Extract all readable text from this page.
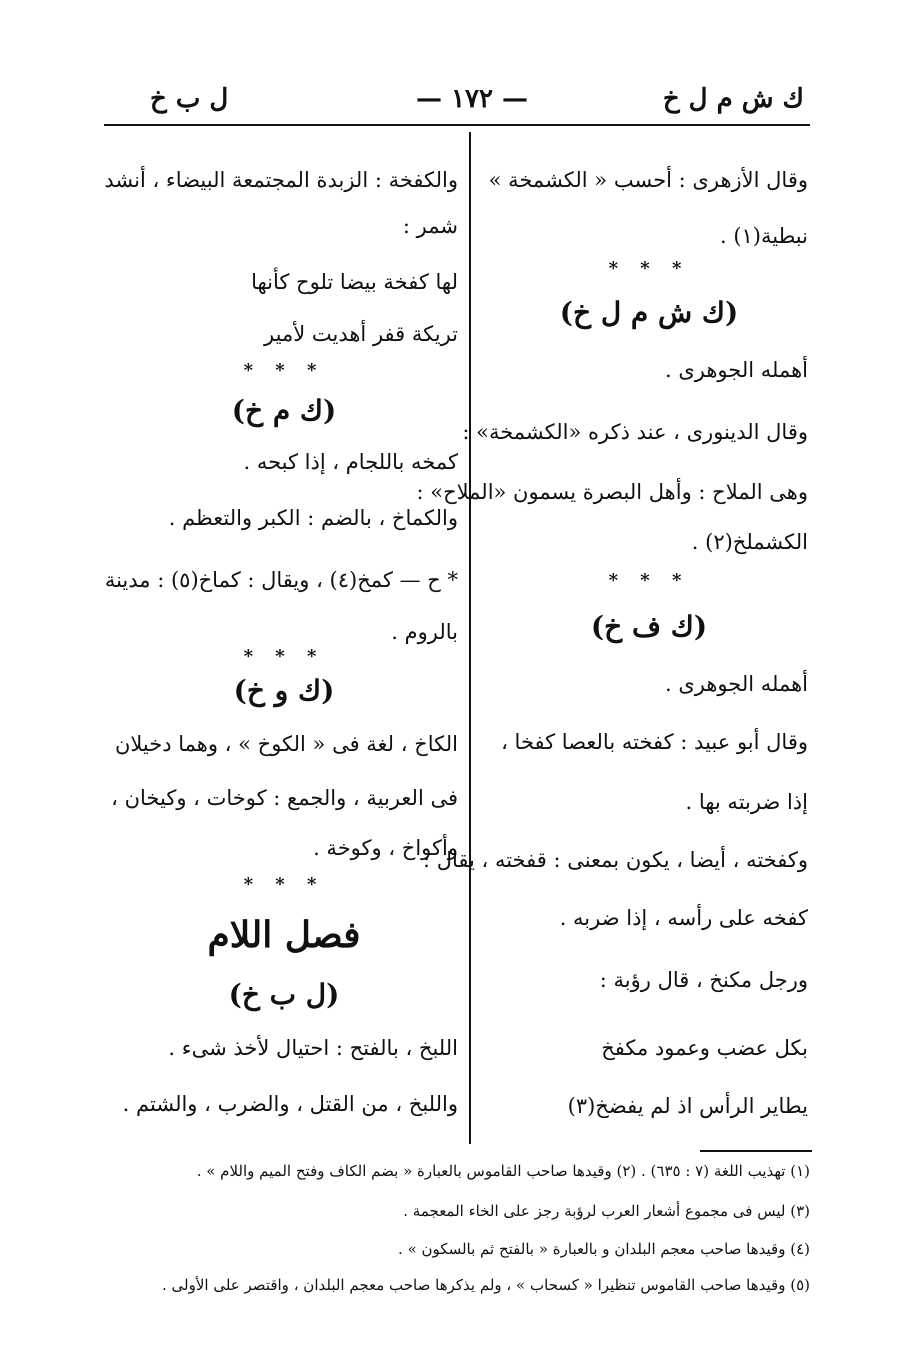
ك ش م ل خ
— ١٧٢ —
ل ب خ
وقال الأزهرى : أحسب « الكشمخة »
نبطية(١) .
* * *
(ك ش م ل خ)
أهمله الجوهرى .
وقال الدينورى ، عند ذكره «الكشمخة» :
وهى الملاح : وأهل البصرة يسمون «الملاح» :
الكشملخ(٢) .
* * *
(ك ف خ)
أهمله الجوهرى .
وقال أبو عبيد : كفخته بالعصا كفخا ،
إذا ضربته بها .
وكفخته ، أيضا ، يكون بمعنى : قفخته ، يقال :
كفخه على رأسه ، إذا ضربه .
ورجل مكنخ ، قال رؤبة :
بكل عضب وعمود مكفخ
يطاير الرأس اذ لم يفضخ(٣)
والكفخة : الزبدة المجتمعة البيضاء ، أنشد
شمر :
لها كفخة بيضا تلوح كأنها
تريكة قفر أهديت لأمير
* * *
(ك م خ)
كمخه باللجام ، إذا كبحه .
والكماخ ، بالضم : الكبر والتعظم .
* ح — كمخ(٤) ، ويقال : كماخ(٥) : مدينة
بالروم .
* * *
(ك و خ)
الكاخ ، لغة فى « الكوخ » ، وهما دخيلان
فى العربية ، والجمع : كوخات ، وكيخان ،
وأكواخ ، وكوخة .
* * *
فصل اللام
(ل ب خ)
اللبخ ، بالفتح : احتيال لأخذ شىء .
واللبخ ، من القتل ، والضرب ، والشتم .
(١) تهذيب اللغة (٧ : ٦٣٥) . (٢) وقيدها صاحب القاموس بالعبارة « بضم الكاف وفتح الميم واللام » .
(٣) ليس فى مجموع أشعار العرب لرؤبة رجز على الخاء المعجمة .
(٤) وقيدها صاحب معجم البلدان و بالعبارة « بالفتح ثم بالسكون » .
(٥) وقيدها صاحب القاموس تنظيرا « كسحاب » ، ولم يذكرها صاحب معجم البلدان ، واقتصر على الأولى .
